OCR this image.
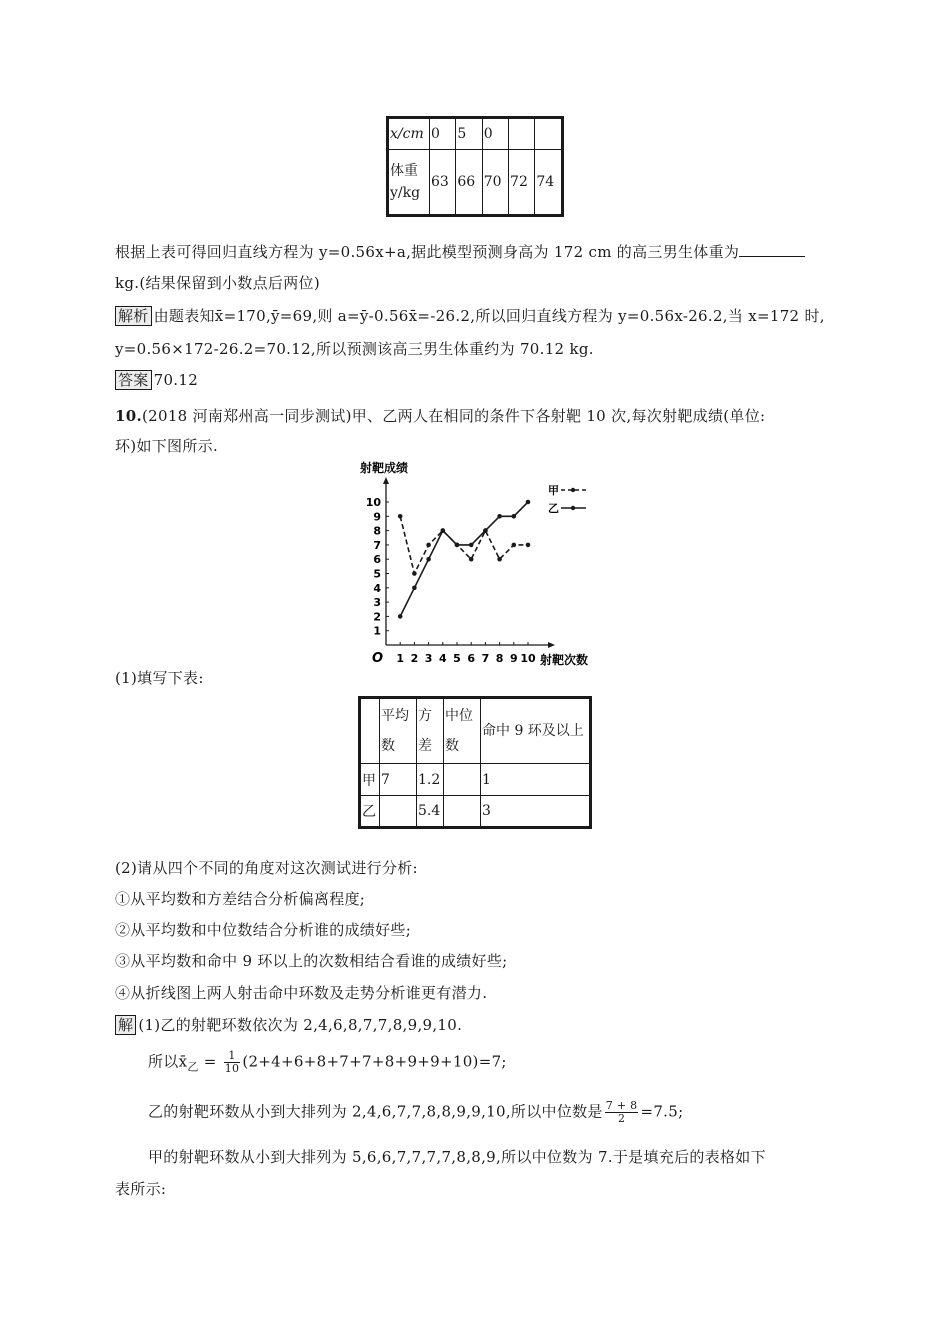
x/cm	0	5	0		
体重y/kg	63	66	70	72	74
根据上表可得回归直线方程为 y=0.56x+a,据此模型预测身高为 172 cm 的高三男生体重为
kg.(结果保留到小数点后两位)
解析 由题表知x̄=170,ȳ=69,则 a=ȳ-0.56x̄=-26.2,所以回归直线方程为 y=0.56x-26.2,当 x=172 时,
y=0.56×172-26.2=70.12,所以预测该高三男生体重约为 70.12 kg.
答案 70.12
10.(2018 河南郑州高一同步测试)甲、乙两人在相同的条件下各射靶 10 次,每次射靶成绩(单位:
环)如下图所示.
射靶成绩
射靶次数
O
1
2
3
4
5
6
7
8
9
10
1 2 3 4 5 6 7 8 9 10
甲
乙
(1)填写下表:
	平均数	方差	中位数	命中 9 环及以上
甲	7	1.2		1
乙		5.4		3
(2)请从四个不同的角度对这次测试进行分析:
①从平均数和方差结合分析偏离程度;
②从平均数和中位数结合分析谁的成绩好些;
③从平均数和命中 9 环以上的次数相结合看谁的成绩好些;
④从折线图上两人射击命中环数及走势分析谁更有潜力.
解 (1)乙的射靶环数依次为 2,4,6,8,7,7,8,9,9,10.
所以$x̄_乙 = \frac{1}{10} (2+4+6+8+7+7+8+9+9+10)=7$;
乙的射靶环数从小到大排列为 2,4,6,7,7,8,8,9,9,10,所以中位数是 $\frac{7 + 8}{2} =7.5$;
甲的射靶环数从小到大排列为 5,6,6,7,7,7,7,8,8,9,所以中位数为 7.于是填充后的表格如下
表所示:
